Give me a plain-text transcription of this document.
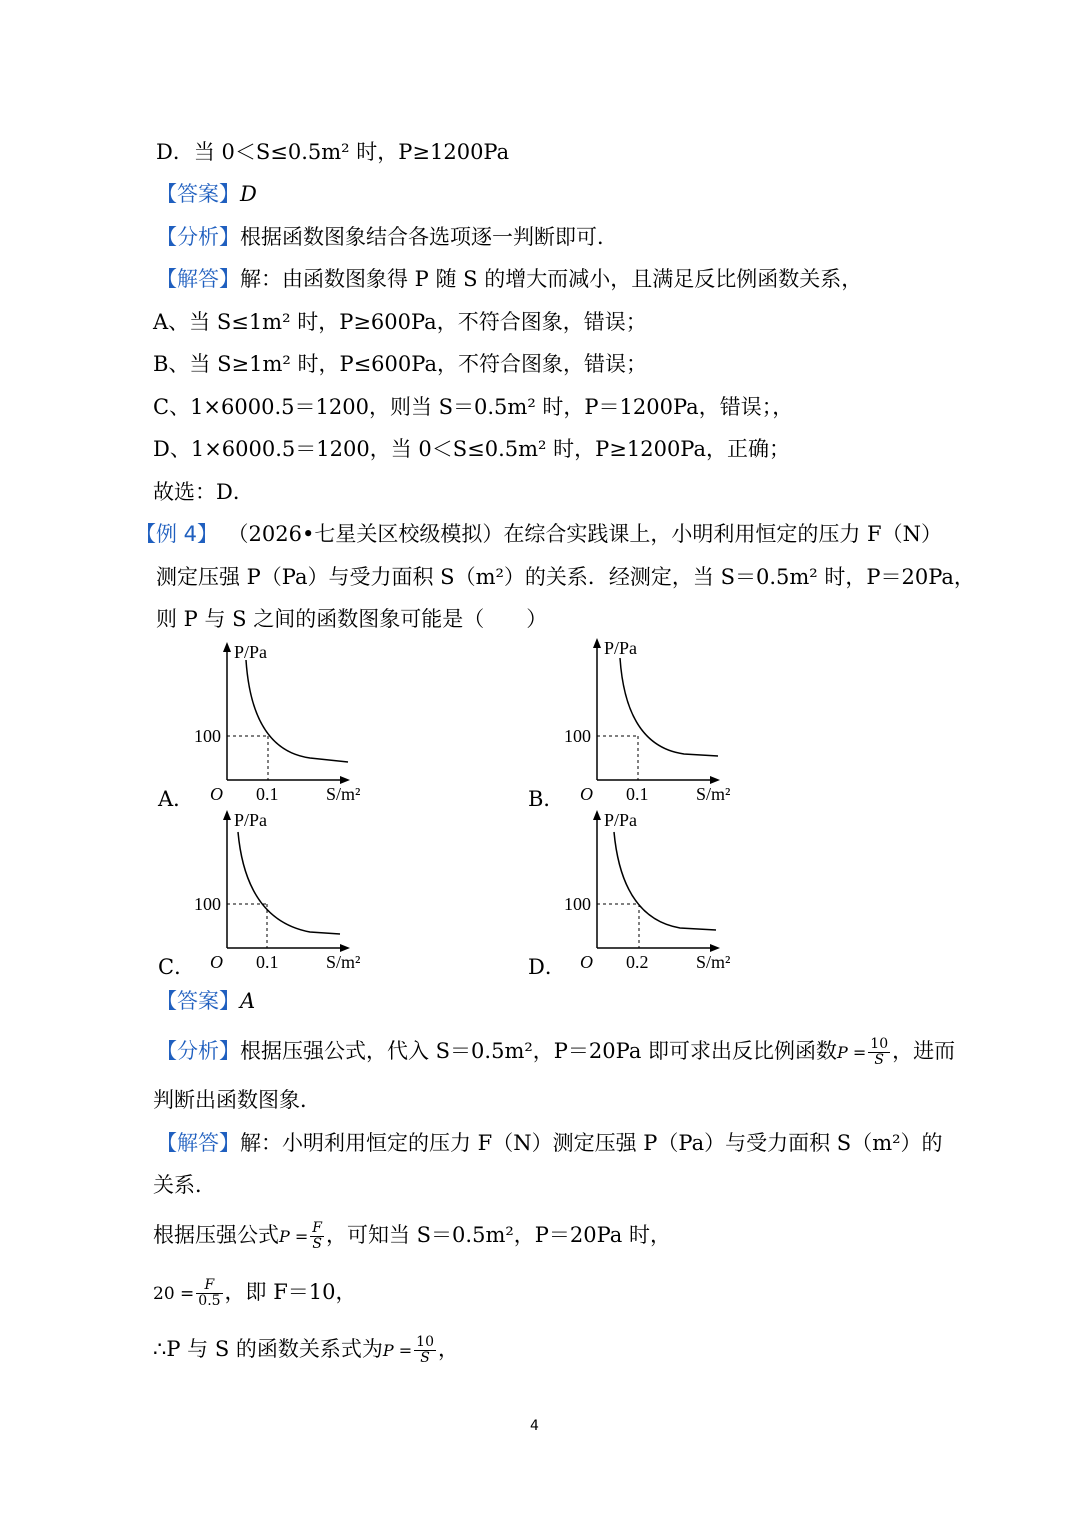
D．当 0＜S≤0.5m² 时，P≥1200Pa
【答案】D
【分析】根据函数图象结合各选项逐一判断即可．
【解答】解：由函数图象得 P 随 S 的增大而减小，且满足反比例函数关系，
A、当 S≤1m² 时，P≥600Pa，不符合图象，错误；
B、当 S≥1m² 时，P≤600Pa，不符合图象，错误；
C、1×6000.5＝1200，则当 S＝0.5m² 时，P＝1200Pa，错误；，
D、1×6000.5＝1200，当 0＜S≤0.5m² 时，P≥1200Pa，正确；
故选：D．
【例 4】 （2026•七星关区校级模拟）在综合实践课上，小明利用恒定的压力 F（N）
测定压强 P（Pa）与受力面积 S（m²）的关系．经测定，当 S＝0.5m² 时，P＝20Pa，
则 P 与 S 之间的函数图象可能是（　　）
A．
P/Pa
100
O 0.1	S/m²	B．
P/Pa
100
O 0.1	S/m²
C．
P/Pa
100
O 0.1	S/m²	D．
P/Pa
100
O 0.2	S/m²
【答案】A
【分析】根据压强公式，代入 S＝0.5m²，P＝20Pa 即可求出反比例函数$P = \frac{10}{S}$ ，进而
判断出函数图象．
【解答】解：小明利用恒定的压力 F（N）测定压强 P（Pa）与受力面积 S（m²）的
关系．
根据压强公式$P = \frac{F}{S}$ ，可知当 S＝0.5m²，P＝20Pa 时，
$20 = \frac{F}{0.5}$ ，即 F＝10，
∴P 与 S 的函数关系式为$P = \frac{10}{S}$ ，
4
